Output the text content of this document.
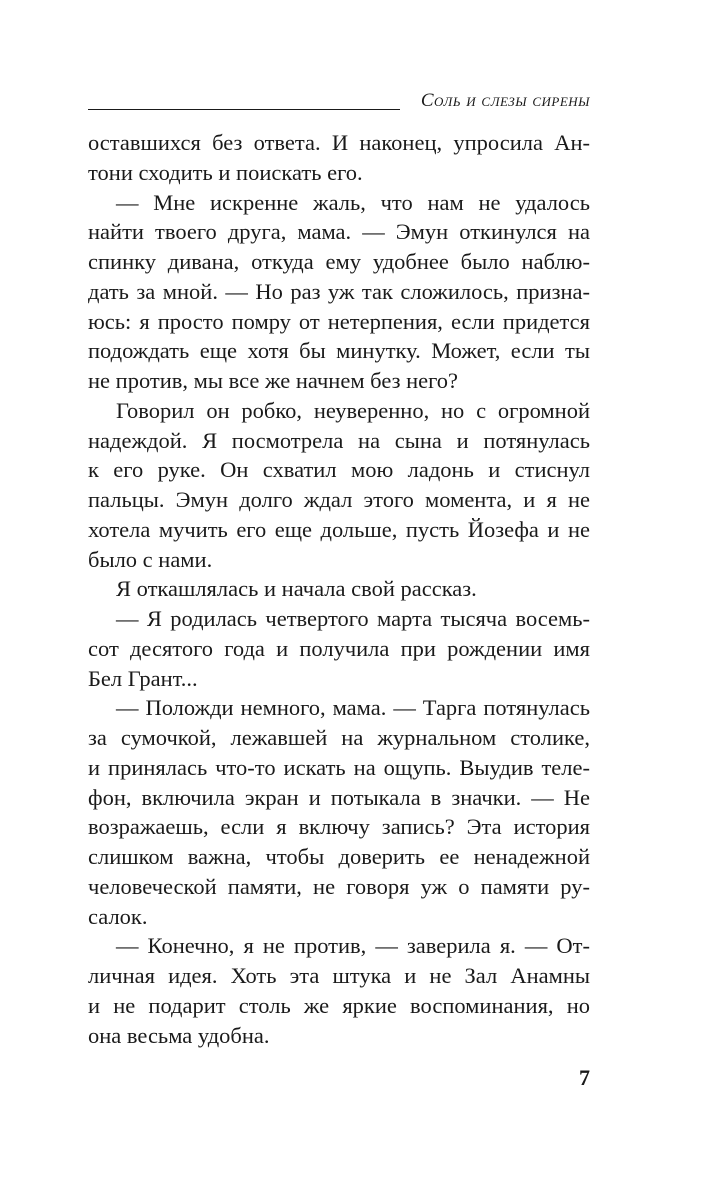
Соль и слезы сирены
оставшихся без ответа. И наконец, упросила Ан-
тони сходить и поискать его.
— Мне искренне жаль, что нам не удалось
найти твоего друга, мама. — Эмун откинулся на
спинку дивана, откуда ему удобнее было наблю-
дать за мной. — Но раз уж так сложилось, призна-
юсь: я просто помру от нетерпения, если придется
подождать еще хотя бы минутку. Может, если ты
не против, мы все же начнем без него?
Говорил он робко, неуверенно, но с огромной
надеждой. Я посмотрела на сына и потянулась
к его руке. Он схватил мою ладонь и стиснул
пальцы. Эмун долго ждал этого момента, и я не
хотела мучить его еще дольше, пусть Йозефа и не
было с нами.
Я откашлялась и начала свой рассказ.
— Я родилась четвертого марта тысяча восемь-
сот десятого года и получила при рождении имя
Бел Грант...
— Положди немного, мама. — Тарга потянулась
за сумочкой, лежавшей на журнальном столике,
и принялась что-то искать на ощупь. Выудив теле-
фон, включила экран и потыкала в значки. — Не
возражаешь, если я включу запись? Эта история
слишком важна, чтобы доверить ее ненадежной
человеческой памяти, не говоря уж о памяти ру-
салок.
— Конечно, я не против, — заверила я. — От-
личная идея. Хоть эта штука и не Зал Анамны
и не подарит столь же яркие воспоминания, но
она весьма удобна.
7
